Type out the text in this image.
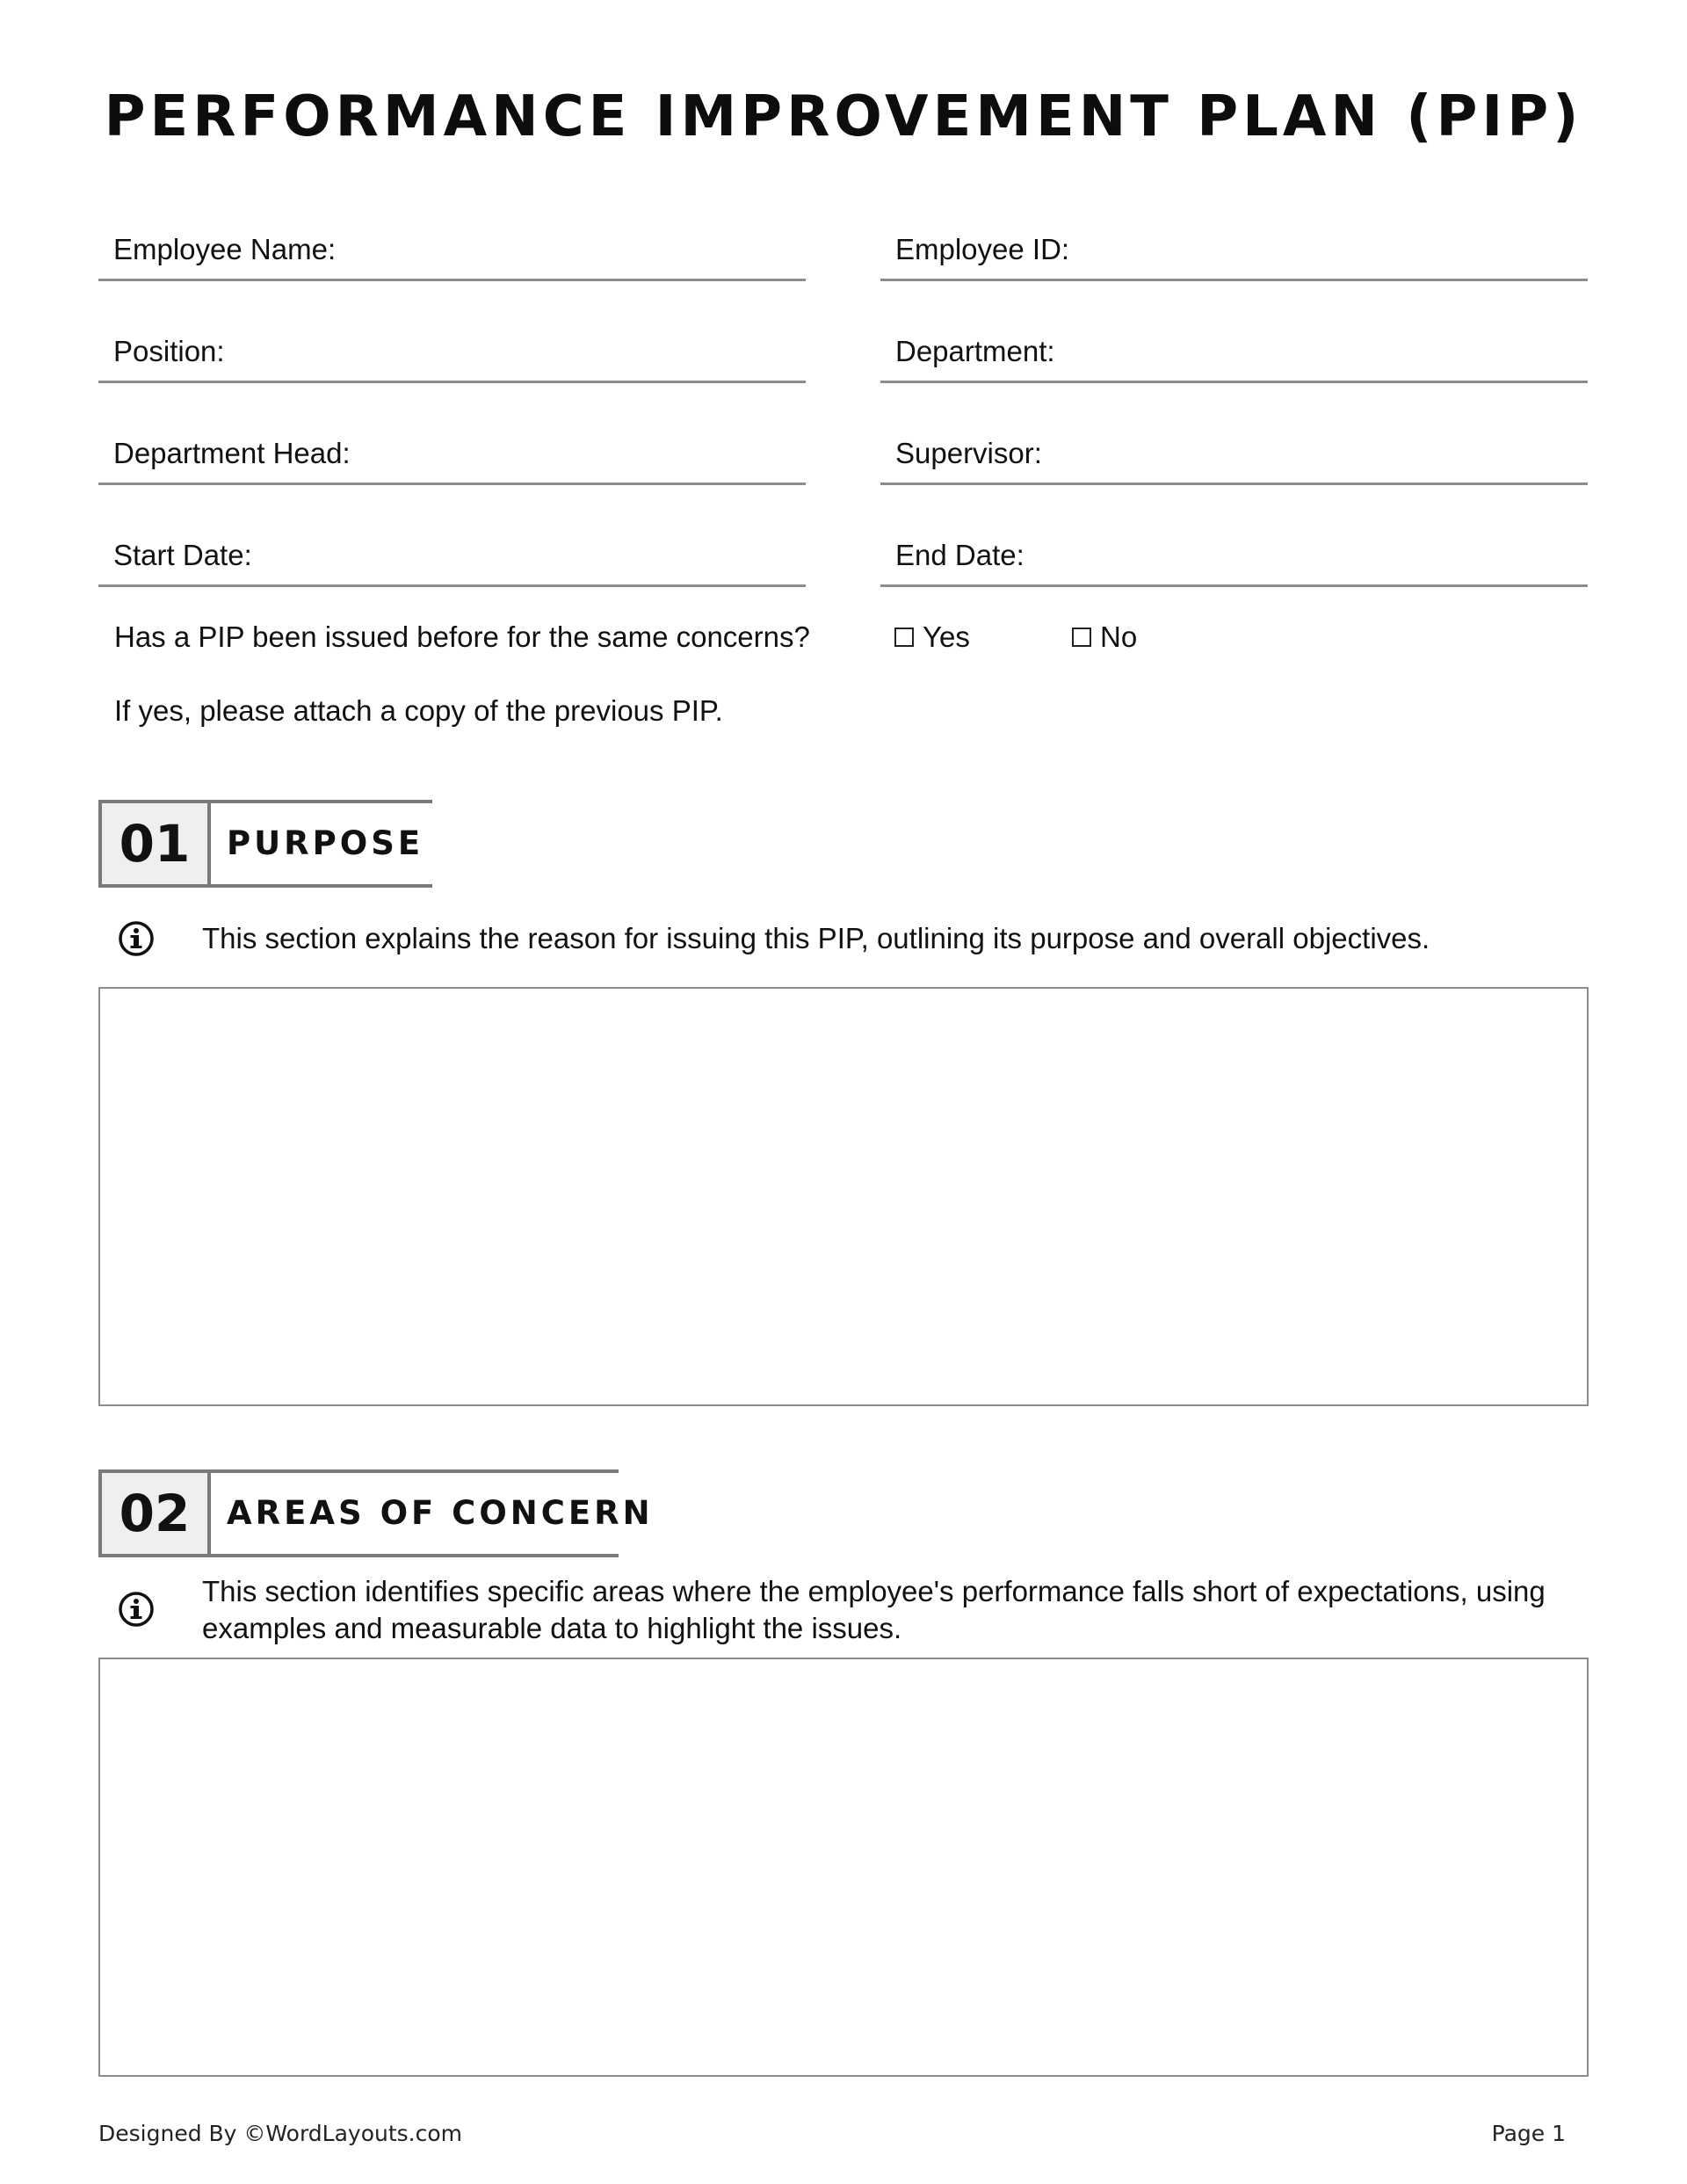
PERFORMANCE IMPROVEMENT PLAN (PIP)
Employee Name:	Employee ID:
Position:	Department:
Department Head:	Supervisor:
Start Date:	End Date:
Has a PIP been issued before for the same concerns?	Yes	No
If yes, please attach a copy of the previous PIP.
01	PURPOSE
This section explains the reason for issuing this PIP, outlining its purpose and overall objectives.
02	AREAS OF CONCERN
This section identifies specific areas where the employee's performance falls short of expectations, using
examples and measurable data to highlight the issues.
Designed By ©WordLayouts.com	Page 1
